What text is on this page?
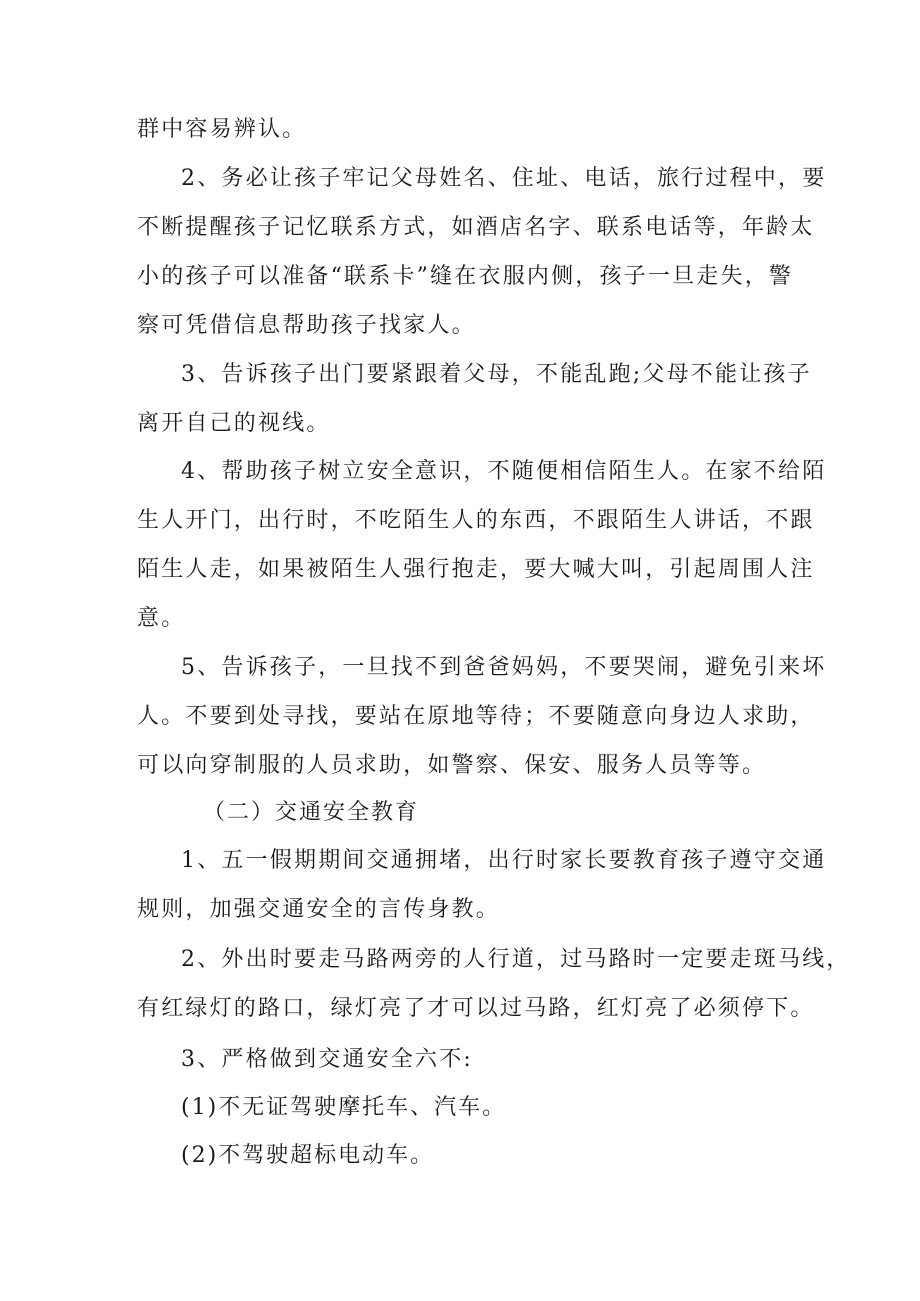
群中容易辨认。
2、务必让孩子牢记父母姓名、住址、电话，旅行过程中，要
不断提醒孩子记忆联系方式，如酒店名字、联系电话等，年龄太
小的孩子可以准备“联系卡”缝在衣服内侧，孩子一旦走失，警
察可凭借信息帮助孩子找家人。
3、告诉孩子出门要紧跟着父母，不能乱跑;父母不能让孩子
离开自己的视线。
4、帮助孩子树立安全意识，不随便相信陌生人。在家不给陌
生人开门，出行时，不吃陌生人的东西，不跟陌生人讲话，不跟
陌生人走，如果被陌生人强行抱走，要大喊大叫，引起周围人注
意。
5、告诉孩子，一旦找不到爸爸妈妈，不要哭闹，避免引来坏
人。不要到处寻找，要站在原地等待；不要随意向身边人求助，
可以向穿制服的人员求助，如警察、保安、服务人员等等。
（二）交通安全教育
1、五一假期期间交通拥堵，出行时家长要教育孩子遵守交通
规则，加强交通安全的言传身教。
2、外出时要走马路两旁的人行道，过马路时一定要走斑马线，
有红绿灯的路口，绿灯亮了才可以过马路，红灯亮了必须停下。
3、严格做到交通安全六不:
(1)不无证驾驶摩托车、汽车。
(2)不驾驶超标电动车。
